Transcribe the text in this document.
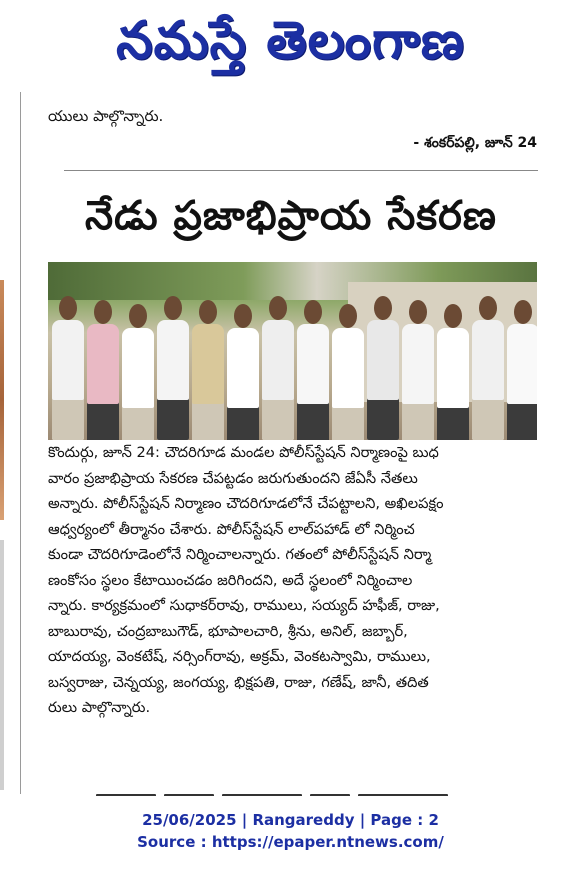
నమస్తే తెలంగాణ
యులు పాల్గొన్నారు.
- శంకర్‌పల్లి, జూన్ 24
నేడు ప్రజాభిప్రాయ సేకరణ

కొందుర్గు, జూన్ 24: చౌదరిగూడ మండల పోలీస్‌స్టేషన్ నిర్మాణంపై బుధ

వారం ప్రజాభిప్రాయ సేకరణ చేపట్టడం జరుగుతుందని జేఏసీ నేతలు

అన్నారు. పోలీస్‌స్టేషన్ నిర్మాణం చౌదరిగూడలోనే చేపట్టాలని, అఖిలపక్షం

ఆధ్వర్యంలో తీర్మానం చేశారు. పోలీస్‌స్టేషన్ లాల్‌పహాడ్ లో నిర్మించ

కుండా చౌదరిగూడెంలోనే నిర్మించాలన్నారు. గతంలో పోలీస్‌స్టేషన్ నిర్మా

ణంకోసం స్థలం కేటాయించడం జరిగిందని, అదే స్థలంలో నిర్మించాల

న్నారు. కార్యక్రమంలో సుధాకర్‌రావు, రాములు, సయ్యద్ హఫీజ్, రాజు,

బాబురావు, చంద్రబాబుగౌడ్, భూపాలచారి, శ్రీను, అనిల్, జబ్బార్,

యాదయ్య, వెంకటేష్, నర్సింగ్‌రావు, అక్రమ్, వెంకటస్వామి, రాములు,

బస్వరాజు, చెన్నయ్య, జంగయ్య, భిక్షపతి, రాజు, గణేష్, జానీ, తదిత

రులు పాల్గొన్నారు.

25/06/2025 | Rangareddy | Page : 2
Source : https://epaper.ntnews.com/
